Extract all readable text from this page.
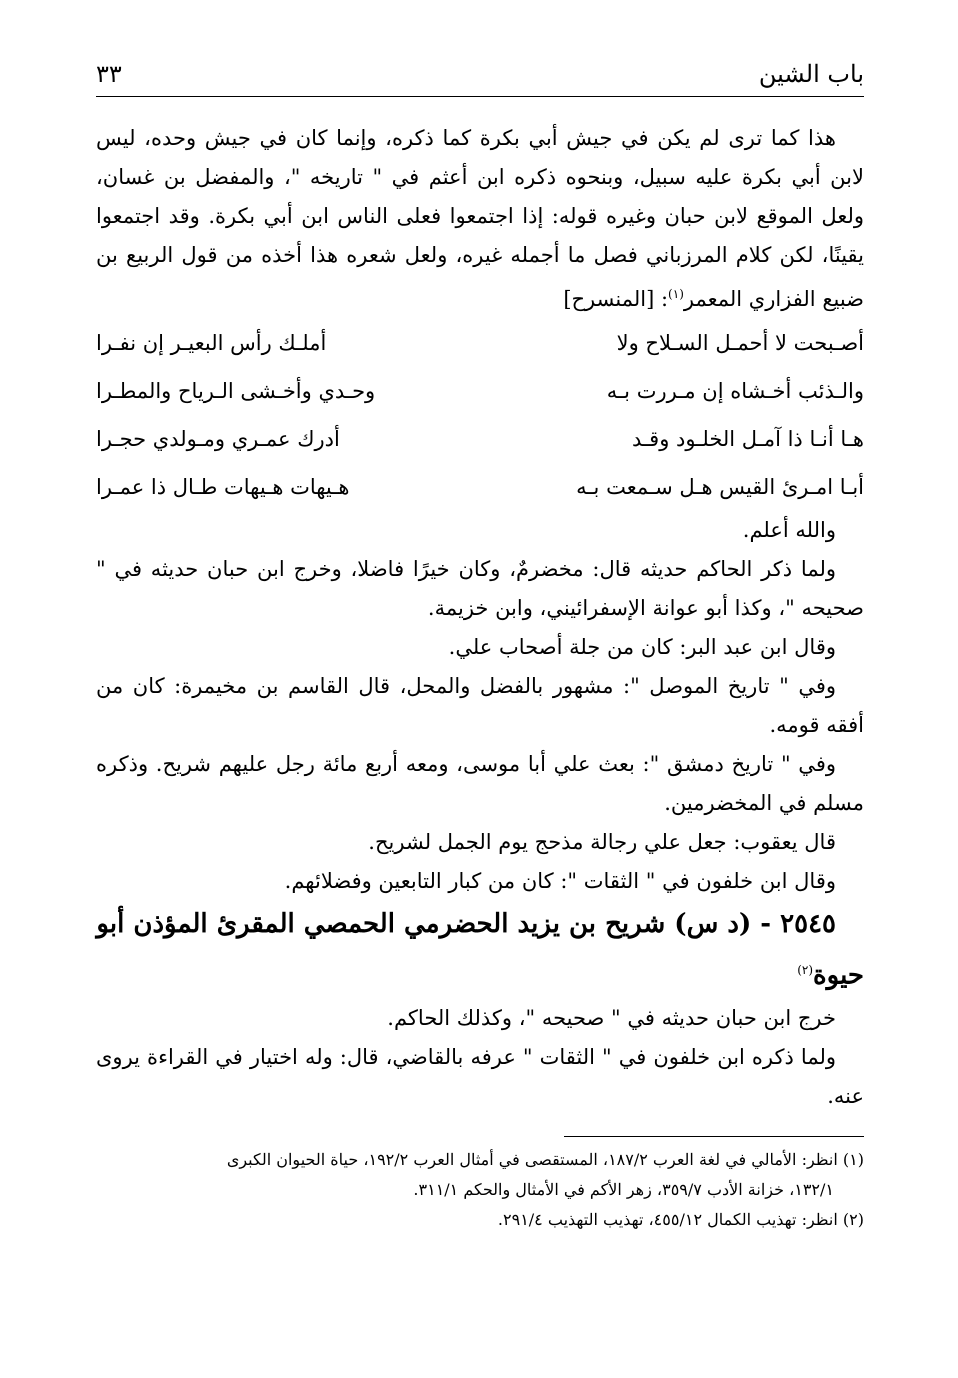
باب الشين
٣٣

هذا كما ترى لم يكن في جيش أبي بكرة كما ذكره، وإنما كان في جيش وحده، ليس لابن أبي بكرة عليه سبيل، وبنحوه ذكره ابن أعثم في " تاريخه "، والمفضل بن غسان، ولعل الموقع لابن حبان وغيره قوله: إذا اجتمعوا فعلى الناس ابن أبي بكرة. وقد اجتمعوا يقينًا، لكن كلام المرزباني فصل ما أجمله غيره، ولعل شعره هذا أخذه من قول الربيع بن ضبيع الفزاري المعمر$^{(١)}$: [المنسرح]

أصـبحت لا أحمـل السـلاح ولا
أملـك رأس البعيـر إن نفـرا
والـذئب أخـشاه إن مـررت بـه
وحـدي وأخـشى الـرياح والمطـرا
هـا أنـا ذا آمـل الخلـود وقـد
أدرك عمـري ومـولدي حجـرا
أبـا امـرئ القيس هـل سـمعت بـه
هـيهات هـيهات طـال ذا عمـرا

والله أعلم.

ولما ذكر الحاكم حديثه قال: مخضرمٌ، وكان خيرًا فاضلا، وخرج ابن حبان حديثه في " صحيحه "، وكذا أبو عوانة الإسفرائيني، وابن خزيمة.

وقال ابن عبد البر: كان من جلة أصحاب علي.

وفي " تاريخ الموصل ": مشهور بالفضل والمحل، قال القاسم بن مخيمرة: كان من أفقه قومه.

وفي " تاريخ دمشق ": بعث علي أبا موسى، ومعه أربع مائة رجل عليهم شريح. وذكره مسلم في المخضرمين.

قال يعقوب: جعل علي رجالة مذحج يوم الجمل لشريح.

وقال ابن خلفون في " الثقات ": كان من كبار التابعين وفضلائهم.

٢٥٤٥ - (د س) شريح بن يزيد الحضرمي الحمصي المقرئ المؤذن أبو حيوة$^{(٢)}$

خرج ابن حبان حديثه في " صحيحه "، وكذلك الحاكم.

ولما ذكره ابن خلفون في " الثقات " عرفه بالقاضي، قال: وله اختيار في القراءة يروى عنه.

(١) انظر: الأمالي في لغة العرب ١٨٧/٢، المستقصى في أمثال العرب ١٩٢/٢، حياة الحيوان الكبرى
١٣٢/١، خزانة الأدب ٣٥٩/٧، زهر الأكم في الأمثال والحكم ٣١١/١.

(٢) انظر: تهذيب الكمال ٤٥٥/١٢، تهذيب التهذيب ٢٩١/٤.
